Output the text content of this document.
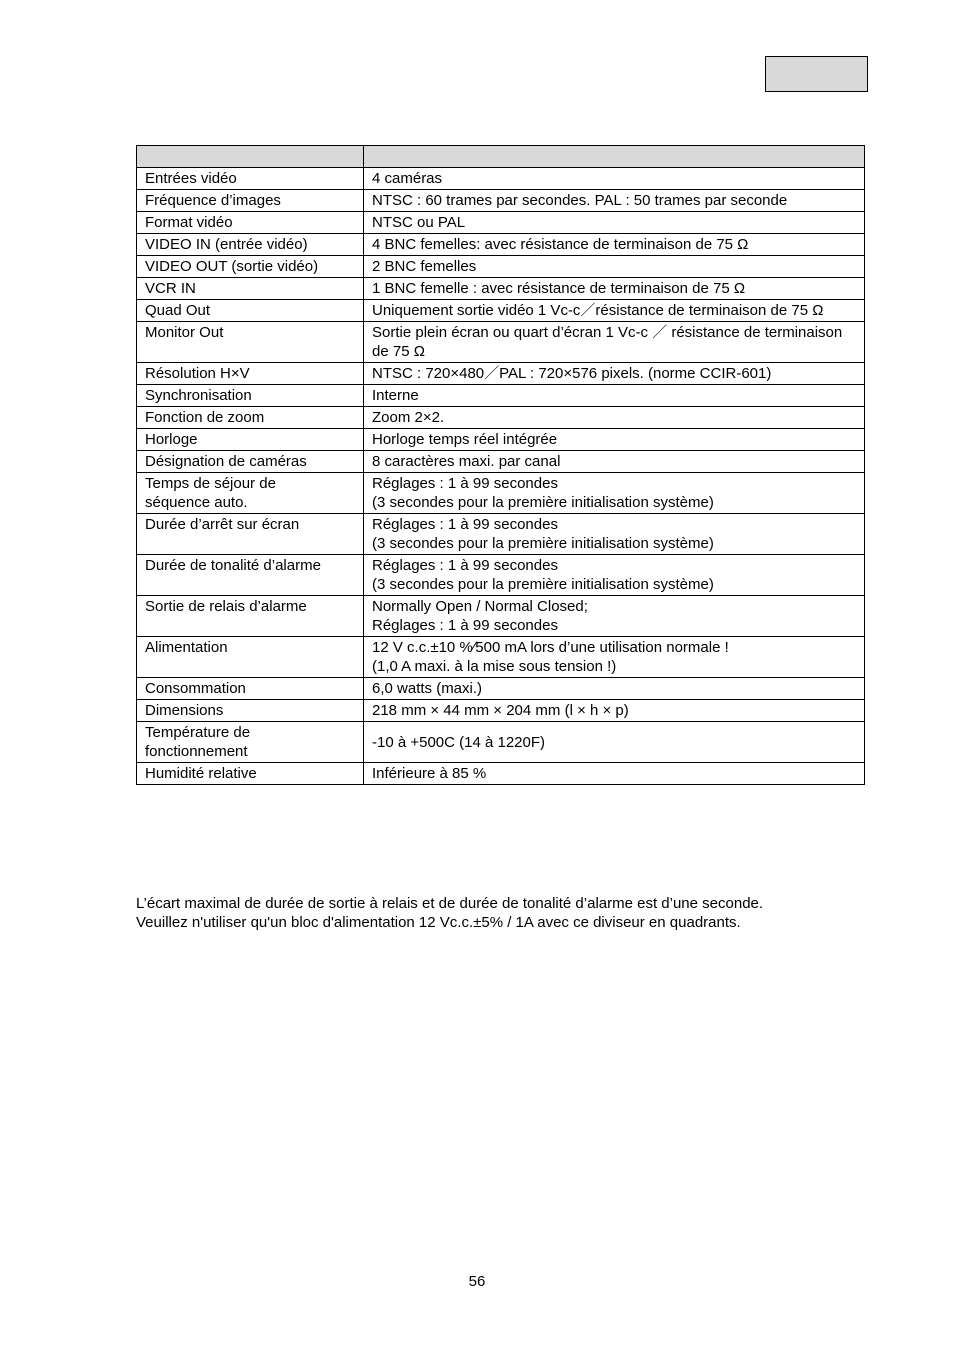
Entrées vidéo	4 caméras

Fréquence d’images	NTSC : 60 trames par secondes. PAL : 50 trames par seconde

Format vidéo	NTSC ou PAL

VIDEO IN (entrée vidéo)	4 BNC femelles: avec résistance de terminaison de 75 Ω

VIDEO OUT (sortie vidéo)	2 BNC femelles

VCR IN	1 BNC femelle : avec résistance de terminaison de 75 Ω

Quad Out	Uniquement sortie vidéo 1 Vc-c／résistance de terminaison de 75 Ω

Monitor Out	Sortie plein écran ou quart d’écran 1 Vc-c ／ résistance de terminaison de 75 Ω

Résolution H×V	NTSC : 720×480／PAL : 720×576 pixels. (norme CCIR-601)

Synchronisation	Interne

Fonction de zoom	Zoom 2×2.

Horloge	Horloge temps réel intégrée

Désignation de caméras	8 caractères maxi. par canal

Temps de séjour de
séquence auto.	Réglages : 1 à 99 secondes
(3 secondes pour la première initialisation système)

Durée d’arrêt sur écran	Réglages : 1 à 99 secondes
(3 secondes pour la première initialisation système)

Durée de tonalité d’alarme	Réglages : 1 à 99 secondes
(3 secondes pour la première initialisation système)

Sortie de relais d’alarme	Normally Open / Normal Closed;
Réglages : 1 à 99 secondes

Alimentation	12 V c.c.±10 %∕500 mA lors d’une utilisation normale !
(1,0 A maxi. à la mise sous tension !)

Consommation	6,0 watts (maxi.)

Dimensions	218 mm × 44 mm × 204 mm (l × h × p)

Température de
fonctionnement	-10 à +500C (14 à 1220F)

Humidité relative	Inférieure à 85 %

L’écart maximal de durée de sortie à relais et de durée de tonalité d’alarme est d’une seconde.

Veuillez n'utiliser qu'un bloc d'alimentation 12 Vc.c.±5% / 1A avec ce diviseur en quadrants.

56
